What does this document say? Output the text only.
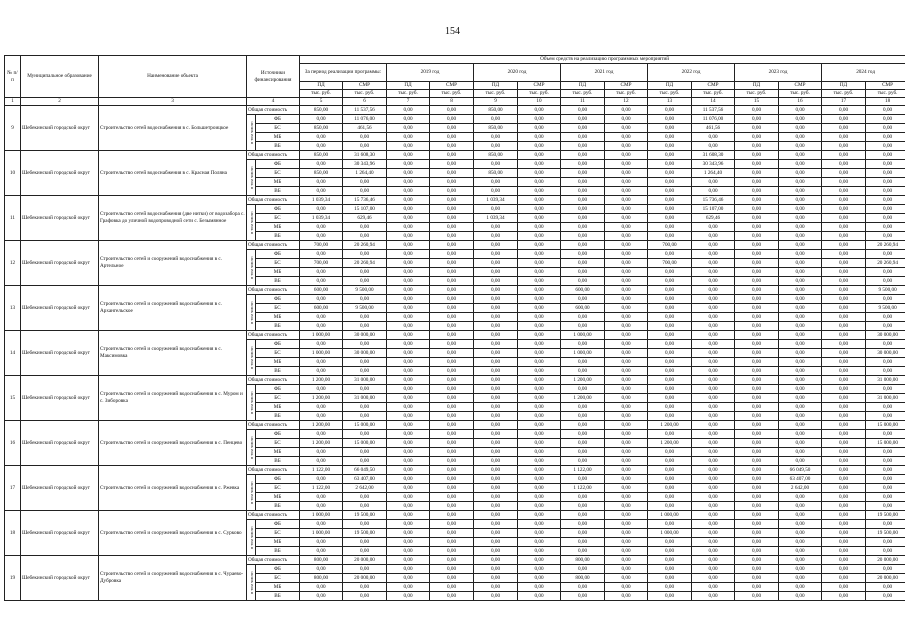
154
№ п/п	Муниципальное образование	Наименование объекта	Источники финансирования		Объем средств на реализацию программных мероприятий													
					За период реализации программы:		2019 год		2020 год		2021 год		2022 год		2023 год		2024 год	
					ПД	СМР	ПД	СМР	ПД	СМР	ПД	СМР	ПД	СМР	ПД	СМР	ПД	СМР
					тыс. руб.	тыс. руб.	тыс. руб.	тыс. руб.	тыс. руб.	тыс. руб.	тыс. руб.	тыс. руб.	тыс. руб.	тыс. руб.	тыс. руб.	тыс. руб.	тыс. руб.	тыс. руб.
1	2	3	4		5	6	7	8	9	10	11	12	13	14	15	16	17	18
9	Шебекинский городской округ	Строительство сетей водоснабжения в с. Большетроицкое	Общая стоимость		850,00	11 537,56	0,00	0,00	850,00	0,00	0,00	0,00	0,00	11 537,56	0,00	0,00	0,00	0,00

			в том числе:	ФБ	0,00	11 076,00	0,00	0,00	0,00	0,00	0,00	0,00	0,00	11 076,00	0,00	0,00	0,00	0,00
				БС	850,00	461,56	0,00	0,00	850,00	0,00	0,00	0,00	0,00	461,56	0,00	0,00	0,00	0,00
				МБ	0,00	0,00	0,00	0,00	0,00	0,00	0,00	0,00	0,00	0,00	0,00	0,00	0,00	0,00
				ВБ	0,00	0,00	0,00	0,00	0,00	0,00	0,00	0,00	0,00	0,00	0,00	0,00	0,00	0,00
10	Шебекинский городской округ	Строительство сетей водоснабжения в с. Красная Поляна	Общая стоимость		850,00	31 608,30	0,00	0,00	850,00	0,00	0,00	0,00	0,00	31 608,30	0,00	0,00	0,00	0,00

			в том числе:	ФБ	0,00	30 343,96	0,00	0,00	0,00	0,00	0,00	0,00	0,00	30 343,96	0,00	0,00	0,00	0,00
				БС	850,00	1 264,40	0,00	0,00	850,00	0,00	0,00	0,00	0,00	1 264,40	0,00	0,00	0,00	0,00
				МБ	0,00	0,00	0,00	0,00	0,00	0,00	0,00	0,00	0,00	0,00	0,00	0,00	0,00	0,00
				ВБ	0,00	0,00	0,00	0,00	0,00	0,00	0,00	0,00	0,00	0,00	0,00	0,00	0,00	0,00
11	Шебекинский городской округ	Строительство сетей водоснабжения (две нитки) от водозабора с. Графовка до уличной водопроводной сети с. Безымянное	Общая стоимость		1 039,34	15 736,46	0,00	0,00	1 039,34	0,00	0,00	0,00	0,00	15 736,46	0,00	0,00	0,00	0,00

			в том числе:	ФБ	0,00	15 107,00	0,00	0,00	0,00	0,00	0,00	0,00	0,00	15 107,00	0,00	0,00	0,00	0,00
				БС	1 039,34	629,46	0,00	0,00	1 039,34	0,00	0,00	0,00	0,00	629,46	0,00	0,00	0,00	0,00
				МБ	0,00	0,00	0,00	0,00	0,00	0,00	0,00	0,00	0,00	0,00	0,00	0,00	0,00	0,00
				ВБ	0,00	0,00	0,00	0,00	0,00	0,00	0,00	0,00	0,00	0,00	0,00	0,00	0,00	0,00
12	Шебекинский городской округ	Строительство сетей и сооружений водоснабжения в с. Артельное	Общая стоимость		700,00	20 260,94	0,00	0,00	0,00	0,00	0,00	0,00	700,00	0,00	0,00	0,00	0,00	20 260,94

			в том числе:	ФБ	0,00	0,00	0,00	0,00	0,00	0,00	0,00	0,00	0,00	0,00	0,00	0,00	0,00	0,00
				БС	700,00	20 260,94	0,00	0,00	0,00	0,00	0,00	0,00	700,00	0,00	0,00	0,00	0,00	20 260,94
				МБ	0,00	0,00	0,00	0,00	0,00	0,00	0,00	0,00	0,00	0,00	0,00	0,00	0,00	0,00
				ВБ	0,00	0,00	0,00	0,00	0,00	0,00	0,00	0,00	0,00	0,00	0,00	0,00	0,00	0,00
13	Шебекинский городской округ	Строительство сетей и сооружений водоснабжения в с. Архангельское	Общая стоимость		600,00	9 500,00	0,00	0,00	0,00	0,00	600,00	0,00	0,00	0,00	0,00	0,00	0,00	9 500,00

			в том числе:	ФБ	0,00	0,00	0,00	0,00	0,00	0,00	0,00	0,00	0,00	0,00	0,00	0,00	0,00	0,00
				БС	600,00	9 500,00	0,00	0,00	0,00	0,00	600,00	0,00	0,00	0,00	0,00	0,00	0,00	9 500,00
				МБ	0,00	0,00	0,00	0,00	0,00	0,00	0,00	0,00	0,00	0,00	0,00	0,00	0,00	0,00
				ВБ	0,00	0,00	0,00	0,00	0,00	0,00	0,00	0,00	0,00	0,00	0,00	0,00	0,00	0,00
14	Шебекинский городской округ	Строительство сетей и сооружений водоснабжения в с. Максимовка	Общая стоимость		1 000,00	30 000,00	0,00	0,00	0,00	0,00	1 000,00	0,00	0,00	0,00	0,00	0,00	0,00	30 000,00

			в том числе:	ФБ	0,00	0,00	0,00	0,00	0,00	0,00	0,00	0,00	0,00	0,00	0,00	0,00	0,00	0,00
				БС	1 000,00	30 000,00	0,00	0,00	0,00	0,00	1 000,00	0,00	0,00	0,00	0,00	0,00	0,00	30 000,00
				МБ	0,00	0,00	0,00	0,00	0,00	0,00	0,00	0,00	0,00	0,00	0,00	0,00	0,00	0,00
				ВБ	0,00	0,00	0,00	0,00	0,00	0,00	0,00	0,00	0,00	0,00	0,00	0,00	0,00	0,00
15	Шебекинский городской округ	Строительство сетей и сооружений водоснабжения в с. Муром и с. Зиборовка	Общая стоимость		1 200,00	31 000,00	0,00	0,00	0,00	0,00	1 200,00	0,00	0,00	0,00	0,00	0,00	0,00	31 000,00

			в том числе:	ФБ	0,00	0,00	0,00	0,00	0,00	0,00	0,00	0,00	0,00	0,00	0,00	0,00	0,00	0,00
				БС	1 200,00	31 000,00	0,00	0,00	0,00	0,00	1 200,00	0,00	0,00	0,00	0,00	0,00	0,00	31 000,00
				МБ	0,00	0,00	0,00	0,00	0,00	0,00	0,00	0,00	0,00	0,00	0,00	0,00	0,00	0,00
				ВБ	0,00	0,00	0,00	0,00	0,00	0,00	0,00	0,00	0,00	0,00	0,00	0,00	0,00	0,00
16	Шебекинский городской округ	Строительство сетей и сооружений водоснабжения в с. Пенцево	Общая стоимость		1 200,00	15 000,00	0,00	0,00	0,00	0,00	0,00	0,00	1 200,00	0,00	0,00	0,00	0,00	15 000,00

			в том числе:	ФБ	0,00	0,00	0,00	0,00	0,00	0,00	0,00	0,00	0,00	0,00	0,00	0,00	0,00	0,00
				БС	1 200,00	15 000,00	0,00	0,00	0,00	0,00	0,00	0,00	1 200,00	0,00	0,00	0,00	0,00	15 000,00
				МБ	0,00	0,00	0,00	0,00	0,00	0,00	0,00	0,00	0,00	0,00	0,00	0,00	0,00	0,00
				ВБ	0,00	0,00	0,00	0,00	0,00	0,00	0,00	0,00	0,00	0,00	0,00	0,00	0,00	0,00
17	Шебекинский городской округ	Строительство сетей и сооружений водоснабжения в с. Ржевка	Общая стоимость		1 122,00	66 049,50	0,00	0,00	0,00	0,00	1 122,00	0,00	0,00	0,00	0,00	66 049,50	0,00	0,00

			в том числе:	ФБ	0,00	63 407,00	0,00	0,00	0,00	0,00	0,00	0,00	0,00	0,00	0,00	63 407,00	0,00	0,00
				БС	1 122,00	2 642,00	0,00	0,00	0,00	0,00	1 122,00	0,00	0,00	0,00	0,00	2 642,00	0,00	0,00
				МБ	0,00	0,00	0,00	0,00	0,00	0,00	0,00	0,00	0,00	0,00	0,00	0,00	0,00	0,00
				ВБ	0,00	0,00	0,00	0,00	0,00	0,00	0,00	0,00	0,00	0,00	0,00	0,00	0,00	0,00
18	Шебекинский городской округ	Строительство сетей и сооружений водоснабжения в с. Сурково	Общая стоимость		1 000,00	19 500,00	0,00	0,00	0,00	0,00	0,00	0,00	1 000,00	0,00	0,00	0,00	0,00	19 500,00

			в том числе:	ФБ	0,00	0,00	0,00	0,00	0,00	0,00	0,00	0,00	0,00	0,00	0,00	0,00	0,00	0,00
				БС	1 000,00	19 500,00	0,00	0,00	0,00	0,00	0,00	0,00	1 000,00	0,00	0,00	0,00	0,00	19 500,00
				МБ	0,00	0,00	0,00	0,00	0,00	0,00	0,00	0,00	0,00	0,00	0,00	0,00	0,00	0,00
				ВБ	0,00	0,00	0,00	0,00	0,00	0,00	0,00	0,00	0,00	0,00	0,00	0,00	0,00	0,00
19	Шебекинский городской округ	Строительство сетей и сооружений водоснабжения в с. Чураево-Дубровка	Общая стоимость		800,00	20 000,00	0,00	0,00	0,00	0,00	800,00	0,00	0,00	0,00	0,00	0,00	0,00	20 000,00

			в том числе:	ФБ	0,00	0,00	0,00	0,00	0,00	0,00	0,00	0,00	0,00	0,00	0,00	0,00	0,00	0,00
				БС	800,00	20 000,00	0,00	0,00	0,00	0,00	800,00	0,00	0,00	0,00	0,00	0,00	0,00	20 000,00
				МБ	0,00	0,00	0,00	0,00	0,00	0,00	0,00	0,00	0,00	0,00	0,00	0,00	0,00	0,00
				ВБ	0,00	0,00	0,00	0,00	0,00	0,00	0,00	0,00	0,00	0,00	0,00	0,00	0,00	0,00
